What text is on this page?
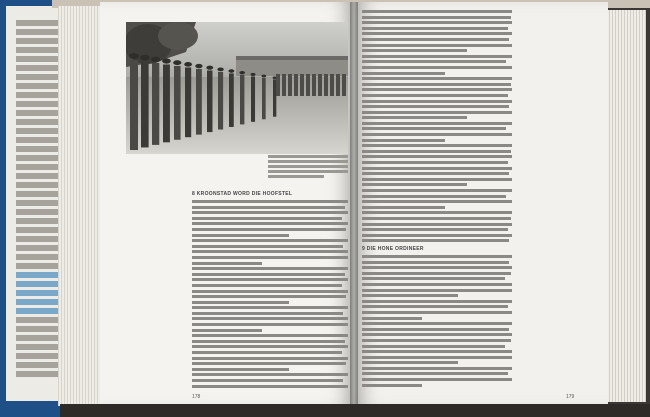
8 KROONSTAD WORD DIE HOOFSTEL
178
9 DIE HONE ORDINEER
179
